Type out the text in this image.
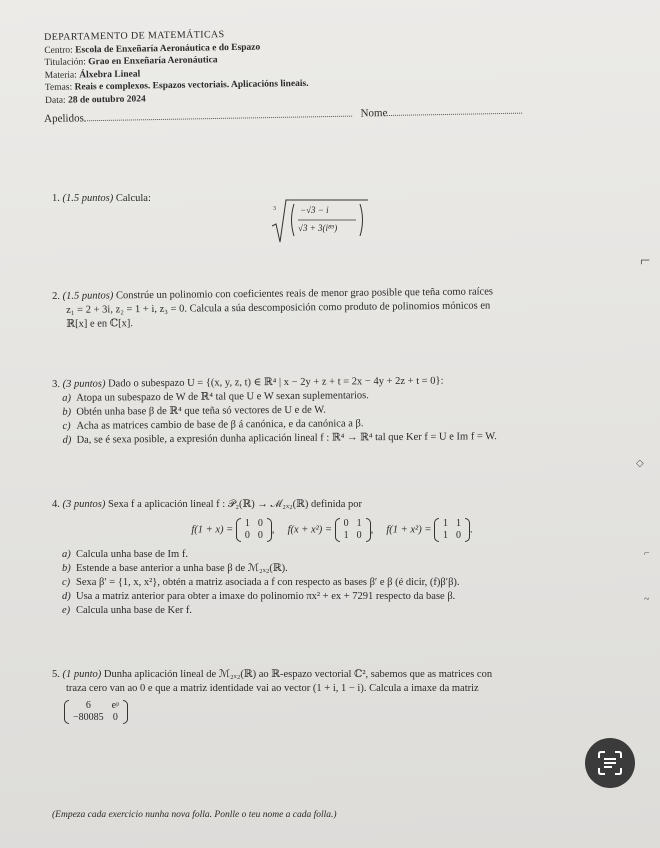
DEPARTAMENTO DE MATEMÁTICAS
Centro: Escola de Enxeñaría Aeronáutica e do Espazo
Titulación: Grao en Enxeñaría Aeronáutica
Materia: Álxebra Lineal
Temas: Reais e complexos. Espazos vectoriais. Aplicacións lineais.
Data: 28 de outubro 2024
Apelidos	Nome
1. (1.5 puntos) Calcula:
3	−√3 − i
√3 + 3(i⁸⁹)
2. (1.5 puntos) Constrúe un polinomio con coeficientes reais de menor grao posible que teña como raíces
z₁ = 2 + 3i, z₂ = 1 + i, z₃ = 0. Calcula a súa descomposición como produto de polinomios mónicos en
ℝ[x] e en ℂ[x].
3. (3 puntos) Dado o subespazo U = {(x, y, z, t) ∈ ℝ⁴ | x − 2y + z + t = 2x − 4y + 2z + t = 0}:
a) Atopa un subespazo de W de ℝ⁴ tal que U e W sexan suplementarios.
b) Obtén unha base β de ℝ⁴ que teña só vectores de U e de W.
c) Acha as matrices cambio de base de β á canónica, e da canónica a β.
d) Da, se é sexa posible, a expresión dunha aplicación lineal f : ℝ⁴ → ℝ⁴ tal que Ker f = U e Im f = W.
4. (3 puntos) Sexa f a aplicación lineal f : 𝒫₂(ℝ) → ℳ₂ₓ₂(ℝ) definida por
f(1 + x) =
1	0
0	0
,     f(x + x²) =
0	1
1	0
,     f(1 + x²) =
1	1
1	0
.
a) Calcula unha base de Im f.
b) Estende a base anterior a unha base β de ℳ₂ₓ₂(ℝ).
c) Sexa β′ = {1, x, x²}, obtén a matriz asociada a f con respecto as bases β′ e β (é dicir, (f)β′β).
d) Usa a matriz anterior para obter a imaxe do polinomio πx² + ex + 7291 respecto da base β.
e) Calcula unha base de Ker f.
5. (1 punto) Dunha aplicación lineal de ℳ₂ₓ₂(ℝ) ao ℝ-espazo vectorial ℂ², sabemos que as matrices con
traza cero van ao 0 e que a matriz identidade vai ao vector (1 + i, 1 − i). Calcula a imaxe da matriz

6	eᵖ
−80085	0
⌐
◇
⌐
~
(Empeza cada exercicio nunha nova folla. Ponlle o teu nome a cada folla.)
